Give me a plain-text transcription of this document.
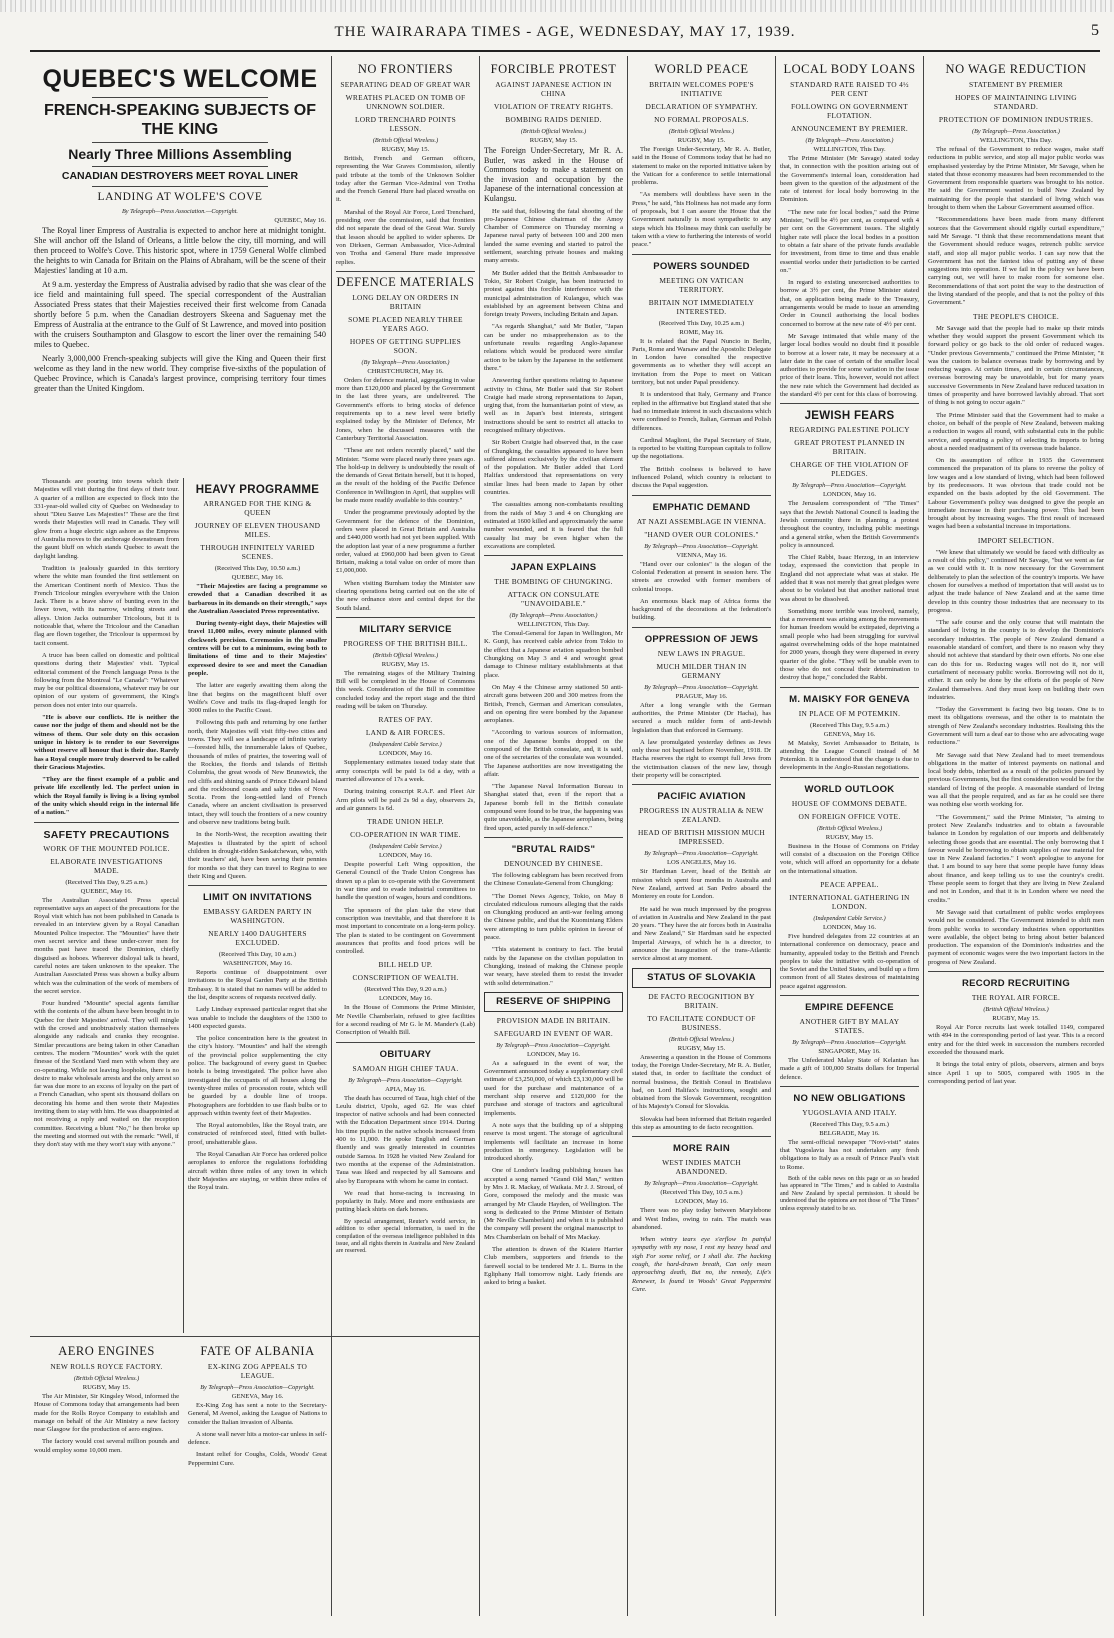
THE WAIRARAPA TIMES - AGE, WEDNESDAY, MAY 17, 1939.	5
QUEBEC'S WELCOME
FRENCH-SPEAKING SUBJECTS OF THE KING
Nearly Three Millions Assembling
CANADIAN DESTROYERS MEET ROYAL LINER
LANDING AT WOLFE'S COVE
By Telegraph—Press Association.—Copyright.
QUEBEC, May 16.

The Royal liner Empress of Australia is expected to anchor here at midnight tonight. She will anchor off the Island of Orleans, a little below the city, till morning, and will then proceed to Wolfe's Cove. This historic spot, where in 1759 General Wolfe climbed the heights to win Canada for Britain on the Plains of Abraham, will be the scene of their Majesties' landing at 10 a.m.

At 9 a.m. yesterday the Empress of Australia advised by radio that she was clear of the ice field and maintaining full speed. The special correspondent of the Australian Associated Press states that their Majesties received their first welcome from Canada shortly before 5 p.m. when the Canadian destroyers Skeena and Saguenay met the Empress of Australia at the entrance to the Gulf of St Lawrence, and moved into position with the cruisers Southampton and Glasgow to escort the liner over the remaining 540 miles to Quebec.

Nearly 3,000,000 French-speaking subjects will give the King and Queen their first welcome as they land in the new world. They comprise five-sixths of the population of Quebec Province, which is Canada's largest province, comprising territory four times greater than the United Kingdom.

Thousands are pouring into towns which their Majesties will visit during the first days of their tour. A quarter of a million are expected to flock into the 331-year-old walled city of Quebec on Wednesday to shout "Dieu Sauve Les Majesties!" These are the first words their Majesties will read in Canada. They will glow from a huge electric sign ashore as the Empress of Australia moves to the anchorage downstream from the gaunt bluff on which stands Quebec to await the daylight landing.

Tradition is jealously guarded in this territory where the white man founded the first settlement on the American Continent north of Mexico. Thus the French Tricolour mingles everywhere with the Union Jack. There is a brave show of bunting even in the lower town, with its narrow, winding streets and alleys. Union Jacks outnumber Tricolours, but it is noticeable that, where the Tricolour and the Canadian flag are flown together, the Tricolour is uppermost by tacit consent.

A truce has been called on domestic and political questions during their Majesties' visit. Typical editorial comment of the French language Press is the following from the Montreal "Le Canada": "Whatever may be our political dissensions, whatever may be our opinion of our system of government, the King's person does not enter into our quarrels.

"He is above our conflicts. He is neither the cause nor the judge of them and should not be the witness of them. Our sole duty on this occasion unique in history is to render to our Sovereigns without reserve all honour that is their due. Rarely has a Royal couple more truly deserved to be called their Gracious Majesties.

"They are the finest example of a public and private life excellently led. The perfect union in which the Royal family is living is a living symbol of the unity which should reign in the internal life of a nation."

SAFETY PRECAUTIONS
WORK OF THE MOUNTED POLICE.
ELABORATE INVESTIGATIONS MADE.
(Received This Day, 9.25 a.m.)
QUEBEC, May 16.

The Australian Associated Press special representative says an aspect of the precautions for the Royal visit which has not been published in Canada is revealed in an interview given by a Royal Canadian Mounted Police inspector. The "Mounties" have their own secret service and these under-cover men for months past have traced the Dominion, chiefly disguised as hoboes. Wherever disloyal talk is heard, careful notes are taken unknown to the speaker. The Australian Associated Press was shown a bulky album which was the culmination of the work of members of the secret service.

Four hundred "Mountie" special agents familiar with the contents of the album have been brought in to Quebec for their Majesties' arrival. They will mingle with the crowd and unobtrusively station themselves alongside any radicals and cranks they recognise. Similar precautions are being taken in other Canadian centres. The modern "Mounties" work with the quiet finesse of the Scotland Yard men with whom they are co-operating. While not leaving loopholes, there is no desire to make wholesale arrests and the only arrest so far was due more to an excess of loyalty on the part of a French Canadian, who spent six thousand dollars on decorating his home and then wrote their Majesties inviting them to stay with him. He was disappointed at not receiving a reply and waited on the reception committee. Receiving a blunt "No," he then broke up the meeting and stormed out with the remark: "Well, if they don't stay with me they won't stay with anyone."

HEAVY PROGRAMME
ARRANGED FOR THE KING & QUEEN
JOURNEY OF ELEVEN THOUSAND MILES.
THROUGH INFINITELY VARIED SCENES.
(Received This Day, 10.50 a.m.)
QUEBEC, May 16.

"Their Majesties are facing a programme so crowded that a Canadian described it as barbarous in its demands on their strength," says the Australian Associated Press representative.

During twenty-eight days, their Majesties will travel 11,000 miles, every minute planned with clockwork precision. Ceremonies in the smaller centres will be cut to a minimum, owing both to limitations of time and to their Majesties' expressed desire to see and meet the Canadian people.

The latter are eagerly awaiting them along the line that begins on the magnificent bluff over Wolfe's Cove and trails its flag-draped length for 3000 miles to the Pacific Coast.

Following this path and returning by one farther north, their Majesties will visit fifty-two cities and towns. They will see a landscape of infinite variety—forested hills, the innumerable lakes of Quebec, thousands of miles of prairies, the towering wall of the Rockies, the fiords and islands of British Columbia, the great woods of New Brunswick, the red cliffs and shining sands of Prince Edward Island and the rockbound coasts and salty tides of Nova Scotia. From the long-settled land of French Canada, where an ancient civilisation is preserved intact, they will touch the frontiers of a new country and observe new traditions being built.

In the North-West, the reception awaiting their Majesties is illustrated by the spirit of school children in drought-ridden Saskatchewan, who, with their teachers' aid, have been saving their pennies for months so that they can travel to Regina to see their King and Queen.

LIMIT ON INVITATIONS
EMBASSY GARDEN PARTY IN WASHINGTON.
NEARLY 1400 DAUGHTERS EXCLUDED.
(Received This Day, 10 a.m.)
WASHINGTON, May 16.

Reports continue of disappointment over invitations to the Royal Garden Party at the British Embassy. It is stated that no names will be added to the list, despite scores of requests received daily.

Lady Lindsay expressed particular regret that she was unable to include the daughters of the 1300 to 1400 expected guests.

The police concentration here is the greatest in the city's history. "Mounties" and half the strength of the provincial police supplementing the city police. The background of every guest in Quebec hotels is being investigated. The police have also investigated the occupants of all houses along the twenty-three miles of procession route, which will be guarded by a double line of troops. Photographers are forbidden to use flash bulbs or to approach within twenty feet of their Majesties.

The Royal automobiles, like the Royal train, are constructed of reinforced steel, fitted with bullet-proof, unshatterable glass.

The Royal Canadian Air Force has ordered police aeroplanes to enforce the regulations forbidding aircraft within three miles of any town in which their Majesties are staying, or within three miles of the Royal train.

AERO ENGINES
NEW ROLLS ROYCE FACTORY.
(British Official Wireless.)
RUGBY, May 15.

The Air Minister, Sir Kingsley Wood, informed the House of Commons today that arrangements had been made for the Rolls Royce Company to establish and manage on behalf of the Air Ministry a new factory near Glasgow for the production of aero engines.

The factory would cost several million pounds and would employ some 10,000 men.

FATE OF ALBANIA
EX-KING ZOG APPEALS TO LEAGUE.
By Telegraph—Press Association—Copyright.
GENEVA, May 16.

Ex-King Zog has sent a note to the Secretary-General, M Avenol, asking the League of Nations to consider the Italian invasion of Albania.

A stone wall never hits a motor-car unless in self-defence.

Instant relief for Coughs, Colds, Woods' Great Peppermint Cure.

NO FRONTIERS
SEPARATING DEAD OF GREAT WAR
WREATHS PLACED ON TOMB OF UNKNOWN SOLDIER.
LORD TRENCHARD POINTS LESSON.
(British Official Wireless.)
RUGBY, May 15.

British, French and German officers, representing the War Graves Commission, silently paid tribute at the tomb of the Unknown Soldier today after the German Vice-Admiral von Trotha and the French General Hure had placed wreaths on it.

Marshal of the Royal Air Force, Lord Trenchard, presiding over the commission, said that frontiers did not separate the dead of the Great War. Surely that lesson should be applied to wider spheres. Dr von Dirksen, German Ambassador, Vice-Admiral von Trotha and General Hure made impressive replies.

DEFENCE MATERIALS
LONG DELAY ON ORDERS IN BRITAIN
SOME PLACED NEARLY THREE YEARS AGO.
HOPES OF GETTING SUPPLIES SOON.
(By Telegraph—Press Association.)
CHRISTCHURCH, May 16.

Orders for defence material, aggregating in value more than £120,000 and placed by the Government in the last three years, are undelivered. The Government's efforts to bring stocks of defence requirements up to a new level were briefly explained today by the Minister of Defence, Mr Jones, when he discussed measures with the Canterbury Territorial Association.

"These are not orders recently placed," said the Minister. "Some were placed nearly three years ago. The hold-up in delivery is undoubtedly the result of the demands of Great Britain herself, but it is hoped, as the result of the holding of the Pacific Defence Conference in Wellington in April, that supplies will be made more readily available to this country."

Under the programme previously adopted by the Government for the defence of the Dominion, orders were placed in Great Britain and Australia and £440,000 worth had not yet been supplied. With the adoption last year of a new programme a further order, valued at £960,000 had been given to Great Britain, making a total value on order of more than £1,000,000.

When visiting Burnham today the Minister saw clearing operations being carried out on the site of the new ordnance store and central depot for the South Island.

MILITARY SERVICE
PROGRESS OF THE BRITISH BILL.
(British Official Wireless.)
RUGBY, May 15.

The remaining stages of the Military Training Bill will be completed in the House of Commons this week. Consideration of the Bill in committee concluded today and the report stage and the third reading will be taken on Thursday.

RATES OF PAY.
LAND & AIR FORCES.
(Independent Cable Service.)
LONDON, May 16.

Supplementary estimates issued today state that army conscripts will be paid 1s 6d a day, with a married allowance of 17s a week.

During training conscript R.A.F. and Fleet Air Arm pilots will be paid 2s 9d a day, observers 2s, and air gunners 1s 6d.

TRADE UNION HELP.
CO-OPERATION IN WAR TIME.
(Independent Cable Service.)
LONDON, May 16.

Despite powerful Left Wing opposition, the General Council of the Trade Union Congress has drawn up a plan to co-operate with the Government in war time and to evade industrial committees to handle the question of wages, hours and conditions.

The sponsors of the plan take the view that conscription was inevitable, and that therefore it is most important to concentrate on a long-term policy. The plan is stated to be contingent on Government assurances that profits and food prices will be controlled.

BILL HELD UP.
CONSCRIPTION OF WEALTH.
(Received This Day, 9.20 a.m.)
LONDON, May 16.

In the House of Commons the Prime Minister, Mr Neville Chamberlain, refused to give facilities for a second reading of Mr G. le M. Mander's (Lab) Conscription of Wealth Bill.

OBITUARY
SAMOAN HIGH CHIEF TAUA.
By Telegraph—Press Association—Copyright.
APIA, May 16.

The death has occurred of Taua, high chief of the Leulu district, Upolu, aged 62. He was chief inspector of native schools and had been connected with the Education Department since 1914. During his time pupils in the native schools increased from 400 to 11,000. He spoke English and German fluently and was greatly interested in countries outside Samoa. In 1928 he visited New Zealand for two months at the expense of the Administration. Taua was liked and respected by all Samoans and also by Europeans with whom he came in contact.

We read that horse-racing is increasing in popularity in Italy. More and more enthusiasts are putting black shirts on dark horses.

By special arrangement, Reuter's world service, in addition to other special information, is used in the compilation of the overseas intelligence published in this issue, and all rights therein in Australia and New Zealand are reserved.

FORCIBLE PROTEST
AGAINST JAPANESE ACTION IN CHINA
VIOLATION OF TREATY RIGHTS.
BOMBING RAIDS DENIED.
(British Official Wireless.)
RUGBY, May 15.

The Foreign Under-Secretary, Mr R. A. Butler, was asked in the House of Commons today to make a statement on the invasion and occupation by the Japanese of the international concession at Kulangsu.

He said that, following the fatal shooting of the pro-Japanese Chinese chairman of the Amoy Chamber of Commerce on Thursday morning a Japanese naval party of between 100 and 200 men landed the same evening and started to patrol the settlement, searching private houses and making many arrests.

Mr Butler added that the British Ambassador to Tokio, Sir Robert Craigie, has been instructed to protest against this forcible interference with the municipal administration of Kulangsu, which was established by an agreement between China and foreign treaty Powers, including Britain and Japan.

"As regards Shanghai," said Mr Butler, "Japan can be under no misapprehension as to the unfortunate results regarding Anglo-Japanese relations which would be produced were similar action to be taken by the Japanese in the settlement there."

Answering further questions relating to Japanese activity in China, Mr Butler said that Sir Robert Craigie had made strong representations to Japan, urging that, from the humanitarian point of view, as well as in Japan's best interests, stringent instructions should be sent to restrict all attacks to recognised military objectives.

Sir Robert Craigie had observed that, in the case of Chungking, the casualties appeared to have been suffered almost exclusively by the civilian element of the population. Mr Butler added that Lord Halifax understood that representations on very similar lines had been made to Japan by other countries.

The casualties among non-combatants resulting from the raids of May 3 and 4 on Chungking are estimated at 1600 killed and approximately the same number wounded, and it is feared that the full casualty list may be even higher when the excavations are completed.

JAPAN EXPLAINS
THE BOMBING OF CHUNGKING.
ATTACK ON CONSULATE "UNAVOIDABLE."
(By Telegraph—Press Association.)
WELLINGTON, This Day.

The Consul-General for Japan in Wellington, Mr K. Gunji, has received cable advice from Tokio to the effect that a Japanese aviation squadron bombed Chungking on May 3 and 4 and wrought great damage to Chinese military establishments at that place.

On May 4 the Chinese army stationed 50 anti-aircraft guns between 200 and 300 metres from the British, French, German and American consulates, and on opening fire were bombed by the Japanese aeroplanes.

"According to various sources of information, one of the Japanese bombs dropped on the compound of the British consulate, and, it is said, one of the secretaries of the consulate was wounded. The Japanese authorities are now investigating the affair.

"The Japanese Naval Information Bureau in Shanghai stated that, even if the report that a Japanese bomb fell in the British consulate compound were found to be true, the happening was quite unavoidable, as the Japanese aeroplanes, being fired upon, acted purely in self-defence."

"BRUTAL RAIDS"
DENOUNCED BY CHINESE.

The following cablegram has been received from the Chinese Consulate-General from Chungking:

"The Domei News Agency, Tokio, on May 8 circulated ridiculous rumours alleging that the raids on Chungking produced an anti-war feeling among the Chinese public, and that the Kuomintang Elders were attempting to turn public opinion in favour of peace.

"This statement is contrary to fact. The brutal raids by the Japanese on the civilian population in Chungking, instead of making the Chinese people war weary, have steeled them to resist the invader with solid determination."

RESERVE OF SHIPPING
PROVISION MADE IN BRITAIN.
SAFEGUARD IN EVENT OF WAR.
By Telegraph—Press Association—Copyright.
LONDON, May 16.

As a safeguard in the event of war, the Government announced today a supplementary civil estimate of £3,250,000, of which £3,130,000 will be used for the purchase and maintenance of a merchant ship reserve and £120,000 for the purchase and storage of tractors and agricultural implements.

A note says that the building up of a shipping reserve is most urgent. The storage of agricultural implements will facilitate an increase in home production in emergency. Legislation will be introduced shortly.

One of London's leading publishing houses has accepted a song named "Grand Old Man," written by Mrs J. R. Mackay, of Waikaia. Mr J. J. Stroud, of Gore, composed the melody and the music was arranged by Mr Claude Hayden, of Wellington. The song is dedicated to the Prime Minister of Britain (Mr Neville Chamberlain) and when it is published the company will present the original manuscript to Mrs Chamberlain on behalf of Mrs Mackay.

The attention is drawn of the Kiatere Harrier Club members, supporters and friends to the farewell social to be tendered Mr J. L. Burns in the Egliphany Hall tomorrow night. Lady friends are asked to bring a basket.

WORLD PEACE
BRITAIN WELCOMES POPE'S INITIATIVE
DECLARATION OF SYMPATHY.
NO FORMAL PROPOSALS.
(British Official Wireless.)
RUGBY, May 15.

The Foreign Under-Secretary, Mr R. A. Butler, said in the House of Commons today that he had no statement to make on the reported initiative taken by the Vatican for a conference to settle international problems.

"As members will doubtless have seen in the Press," he said, "his Holiness has not made any form of proposals, but I can assure the House that the Government naturally is most sympathetic to any steps which his Holiness may think can usefully be taken with a view to furthering the interests of world peace."

POWERS SOUNDED
MEETING ON VATICAN TERRITORY.
BRITAIN NOT IMMEDIATELY INTERESTED.
(Received This Day, 10.25 a.m.)
ROME, May 16.

It is related that the Papal Nuncio in Berlin, Paris, Rome and Warsaw and the Apostolic Delegate in London have consulted the respective governments as to whether they will accept an invitation from the Pope to meet on Vatican territory, but not under Papal presidency.

It is understood that Italy, Germany and France replied in the affirmative but England stated that she had no immediate interest in such discussions which were confined to French, Italian, German and Polish differences.

Cardinal Maglioni, the Papal Secretary of State, is reported to be visiting European capitals to follow up the negotiations.

The British coolness is believed to have influenced Poland, which country is reluctant to discuss the Papal suggestion.

EMPHATIC DEMAND
AT NAZI ASSEMBLAGE IN VIENNA.
"HAND OVER OUR COLONIES."
By Telegraph—Press Association—Copyright.
VIENNA, May 16.

"Hand over our colonies" is the slogan of the Colonial Federation at present in session here. The streets are crowded with former members of colonial troops.

An enormous black map of Africa forms the background of the decorations at the federation's building.

OPPRESSION OF JEWS
NEW LAWS IN PRAGUE.
MUCH MILDER THAN IN GERMANY
By Telegraph—Press Association—Copyright.
PRAGUE, May 16.

After a long wrangle with the German authorities, the Prime Minister (Dr Hacha), has secured a much milder form of anti-Jewish legislation than that enforced in Germany.

A law promulgated yesterday defines as Jews only those not baptised before November, 1918. Dr Hacha reserves the right to exempt full Jews from the victimisation clauses of the new law, though their property will be conscripted.

PACIFIC AVIATION
PROGRESS IN AUSTRALIA & NEW ZEALAND.
HEAD OF BRITISH MISSION MUCH IMPRESSED.
By Telegraph—Press Association—Copyright.
LOS ANGELES, May 16.

Sir Hardman Lever, head of the British air mission which spent four months in Australia and New Zealand, arrived at San Pedro aboard the Monterey en route for London.

He said he was much impressed by the progress of aviation in Australia and New Zealand in the past 20 years. "They have the air forces both in Australia and New Zealand," Sir Hardman said he expected Imperial Airways, of which he is a director, to announce the inauguration of the trans-Atlantic service almost at any moment.

STATUS OF SLOVAKIA
DE FACTO RECOGNITION BY BRITAIN.
TO FACILITATE CONDUCT OF BUSINESS.
(British Official Wireless.)
RUGBY, May 15.

Answering a question in the House of Commons today, the Foreign Under-Secretary, Mr R. A. Butler, stated that, in order to facilitate the conduct of normal business, the British Consul in Bratislava had, on Lord Halifax's instructions, sought and obtained from the Slovak Government, recognition of his Majesty's Consul for Slovakia.

Slovakia had been informed that Britain regarded this step as amounting to de facto recognition.

MORE RAIN
WEST INDIES MATCH ABANDONED.
By Telegraph—Press Association—Copyright.
(Received This Day, 10.5 a.m.)
LONDON, May 16.

There was no play today between Marylebone and West Indies, owing to rain. The match was abandoned.

When wintry tears eye s'erflow In painful sympathy with my nose, I rest my heavy head and sigh For some relief, or I shall die. The hacking cough, the hard-drawn breath, Can only mean approaching death, But no, the remedy, Life's Renewer, Is found in Woods' Great Peppermint Cure.

LOCAL BODY LOANS
STANDARD RATE RAISED TO 4½ PER CENT
FOLLOWING ON GOVERNMENT FLOTATION.
ANNOUNCEMENT BY PREMIER.
(By Telegraph—Press Association.)
WELLINGTON, This Day.

The Prime Minister (Mr Savage) stated today that, in connection with the position arising out of the Government's internal loan, consideration had been given to the question of the adjustment of the rate of interest for local body borrowing in the Dominion.

"The new rate for local bodies," said the Prime Minister, "will be 4½ per cent, as compared with 4 per cent on the Government issues. The slightly higher rate will place the local bodies in a position to obtain a fair share of the private funds available for investment, from time to time and thus enable essential works under their jurisdiction to be carried on."

In regard to existing unexercised authorities to borrow at 3½ per cent, the Prime Minister stated that, on application being made to the Treasury, arrangements would be made to issue an amending Order in Council authorising the local bodies concerned to borrow at the new rate of 4½ per cent.

Mr Savage intimated that while many of the larger local bodies would no doubt find it possible to borrow at a lower rate, it may be necessary at a later date in the case of certain of the smaller local authorities to provide for some variation in the issue price of their loans. This, however, would not affect the new rate which the Government had decided as the standard 4½ per cent for this class of borrowing.

JEWISH FEARS
REGARDING PALESTINE POLICY
GREAT PROTEST PLANNED IN BRITAIN.
CHARGE OF THE VIOLATION OF PLEDGES.
By Telegraph—Press Association—Copyright.
LONDON, May 16.

The Jerusalem correspondent of "The Times" says that the Jewish National Council is leading the Jewish community there in planning a protest throughout the country, including public meetings and a general strike, when the British Government's policy is announced.

The Chief Rabbi, Isaac Herzog, in an interview today, expressed the conviction that people in England did not appreciate what was at stake. He added that it was not merely that great pledges were about to be violated but that another national trust was about to be dissolved.

Something more terrible was involved, namely, that a movement was arising among the movements for human freedom would be extirpated, depriving a small people who had been struggling for survival against overwhelming odds of the hope maintained for 2000 years, though they were dispersed in every quarter of the globe. "They will be unable even to those who do not conceal their determination to destroy that hope," concluded the Rabbi.

M. MAISKY FOR GENEVA
IN PLACE OF M POTEMKIN.
(Received This Day, 9.5 a.m.)
GENEVA, May 16.

M Maisky, Soviet Ambassador to Britain, is attending the League Council instead of M Potemkin. It is understood that the change is due to developments in the Anglo-Russian negotiations.

WORLD OUTLOOK
HOUSE OF COMMONS DEBATE.
ON FOREIGN OFFICE VOTE.
(British Official Wireless.)
RUGBY, May 15.

Business in the House of Commons on Friday will consist of a discussion on the Foreign Office vote, which will afford an opportunity for a debate on the international situation.

PEACE APPEAL.
INTERNATIONAL GATHERING IN LONDON.
(Independent Cable Service.)
LONDON, May 16.

Five hundred delegates from 22 countries at an international conference on democracy, peace and humanity, appealed today to the British and French peoples to take the initiative with co-operation of the Soviet and the United States, and build up a firm common front of all States desirous of maintaining peace against aggression.

EMPIRE DEFENCE
ANOTHER GIFT BY MALAY STATES.
By Telegraph—Press Association—Copyright.
SINGAPORE, May 16.

The Unfederated Malay State of Kelantan has made a gift of 100,000 Straits dollars for Imperial defence.

NO NEW OBLIGATIONS
YUGOSLAVIA AND ITALY.
(Received This Day, 9.5 a.m.)
BELGRADE, May 16.

The semi-official newspaper "Novi-visti" states that Yugoslavia has not undertaken any fresh obligations to Italy as a result of Prince Paul's visit to Rome.

Both of the cable news on this page or as so headed has appeared in "The Times," and is cabled to Australia and New Zealand by special permission. It should be understood that the opinions are not those of "The Times" unless expressly stated to be so.

NO WAGE REDUCTION
STATEMENT BY PREMIER
HOPES OF MAINTAINING LIVING STANDARD.
PROTECTION OF DOMINION INDUSTRIES.
(By Telegraph—Press Association.)
WELLINGTON, This Day.

The refusal of the Government to reduce wages, make staff reductions in public service, and stop all major public works was emphasised yesterday by the Prime Minister, Mr Savage, when he stated that those economy measures had been recommended to the Government from responsible quarters was brought to his notice. He said the Government wanted to build New Zealand by maintaining for the people that standard of living which was brought to them when the Labour Government assumed office.

"Recommendations have been made from many different sources that the Government should rigidly curtail expenditure," said Mr Savage. "I think that these recommendations meant that the Government should reduce wages, retrench public service staff, and stop all major public works. I can say now that the Government has not the faintest idea of putting any of these suggestions into operation. If we fail in the policy we have been carrying out, we will have to make room for someone else. Recommendations of that sort point the way to the destruction of the living standard of the people, and that is not the policy of this Government."

THE PEOPLE'S CHOICE.

Mr Savage said that the people had to make up their minds whether they would support the present Government which its forward policy or go back to the old order of reduced wages. "Under previous Governments," continued the Prime Minister, "it was the custom to balance overseas trade by borrowing and by reducing wages. At certain times, and in certain circumstances, overseas borrowing may be unavoidable, but for many years successive Governments in New Zealand have reduced taxation in times of prosperity and have borrowed lavishly abroad. That sort of thing is not going to occur again."

The Prime Minister said that the Government had to make a choice, on behalf of the people of New Zealand, between making a reduction in wages all round, with substantial cuts in the public service, and operating a policy of selecting its imports to bring about a needed readjustment of its overseas trade balance.

On its assumption of office in 1935 the Government commenced the preparation of its plans to reverse the policy of low wages and a low standard of living, which had been followed by its predecessors. It was obvious that trade could not be expanded on the basis adopted by the old Government. The Labour Government's policy was designed to give the people an immediate increase in their purchasing power. This had been brought about by increasing wages. The first result of increased wages had been a substantial increase in importations.

IMPORT SELECTION.

"We knew that ultimately we would be faced with difficulty as a result of this policy," continued Mr Savage, "but we went as far as we could with it. It is now necessary for the Government deliberately to plan the selection of the country's imports. We have chosen for ourselves a method of importation that will assist us to adjust the trade balance of New Zealand and at the same time develop in this country those industries that are necessary to its progress.

"The safe course and the only course that will maintain the standard of living in the country is to develop the Dominion's secondary industries. The people of New Zealand demand a reasonable standard of comfort, and there is no reason why they should not achieve that standard by their own efforts. No one else can do this for us. Reducing wages will not do it, nor will curtailment of necessary public works. Borrowing will not do it, either. It can only be done by the efforts of the people of New Zealand themselves. And they must keep on building their own industries.

"Today the Government is facing two big issues. One is to meet its obligations overseas, and the other is to maintain the strength of New Zealand's secondary industries. Realising this the Government will turn a deaf ear to those who are advocating wage reductions."

Mr Savage said that New Zealand had to meet tremendous obligations in the matter of interest payments on national and local body debts, inherited as a result of the policies pursued by previous Governments, but the first consideration would be for the standard of living of the people. A reasonable standard of living was all that the people required, and as far as he could see there was nothing else worth working for.

"The Government," said the Prime Minister, "is aiming to protect New Zealand's industries and to obtain a favourable balance in London by regulation of our imports and deliberately selecting those goods that are essential. The only borrowing that I favour would be borrowing to obtain supplies of raw material for use in New Zealand factories." I won't apologise to anyone for that. I am bound to say here that some people have funny ideas about finance, and keep telling us to use the country's credit. These people seem to forget that they are living in New Zealand and not in London, and that it is in London where we need the credits."

Mr Savage said that curtailment of public works employees would not be considered. The Government intended to shift men from public works to secondary industries when opportunities were available, the object being to bring about better balanced production. The expansion of the Dominion's industries and the payment of economic wages were the two important factors in the progress of New Zealand.

RECORD RECRUITING
THE ROYAL AIR FORCE.
(British Official Wireless.)
RUGBY, May 15.

Royal Air Force recruits last week totalled 1149, compared with 494 in the corresponding period of last year. This is a record entry and for the third week in succession the numbers recorded exceeded the thousand mark.

It brings the total entry of pilots, observers, airmen and boys since April 1 up to 5005, compared with 1905 in the corresponding period of last year.
